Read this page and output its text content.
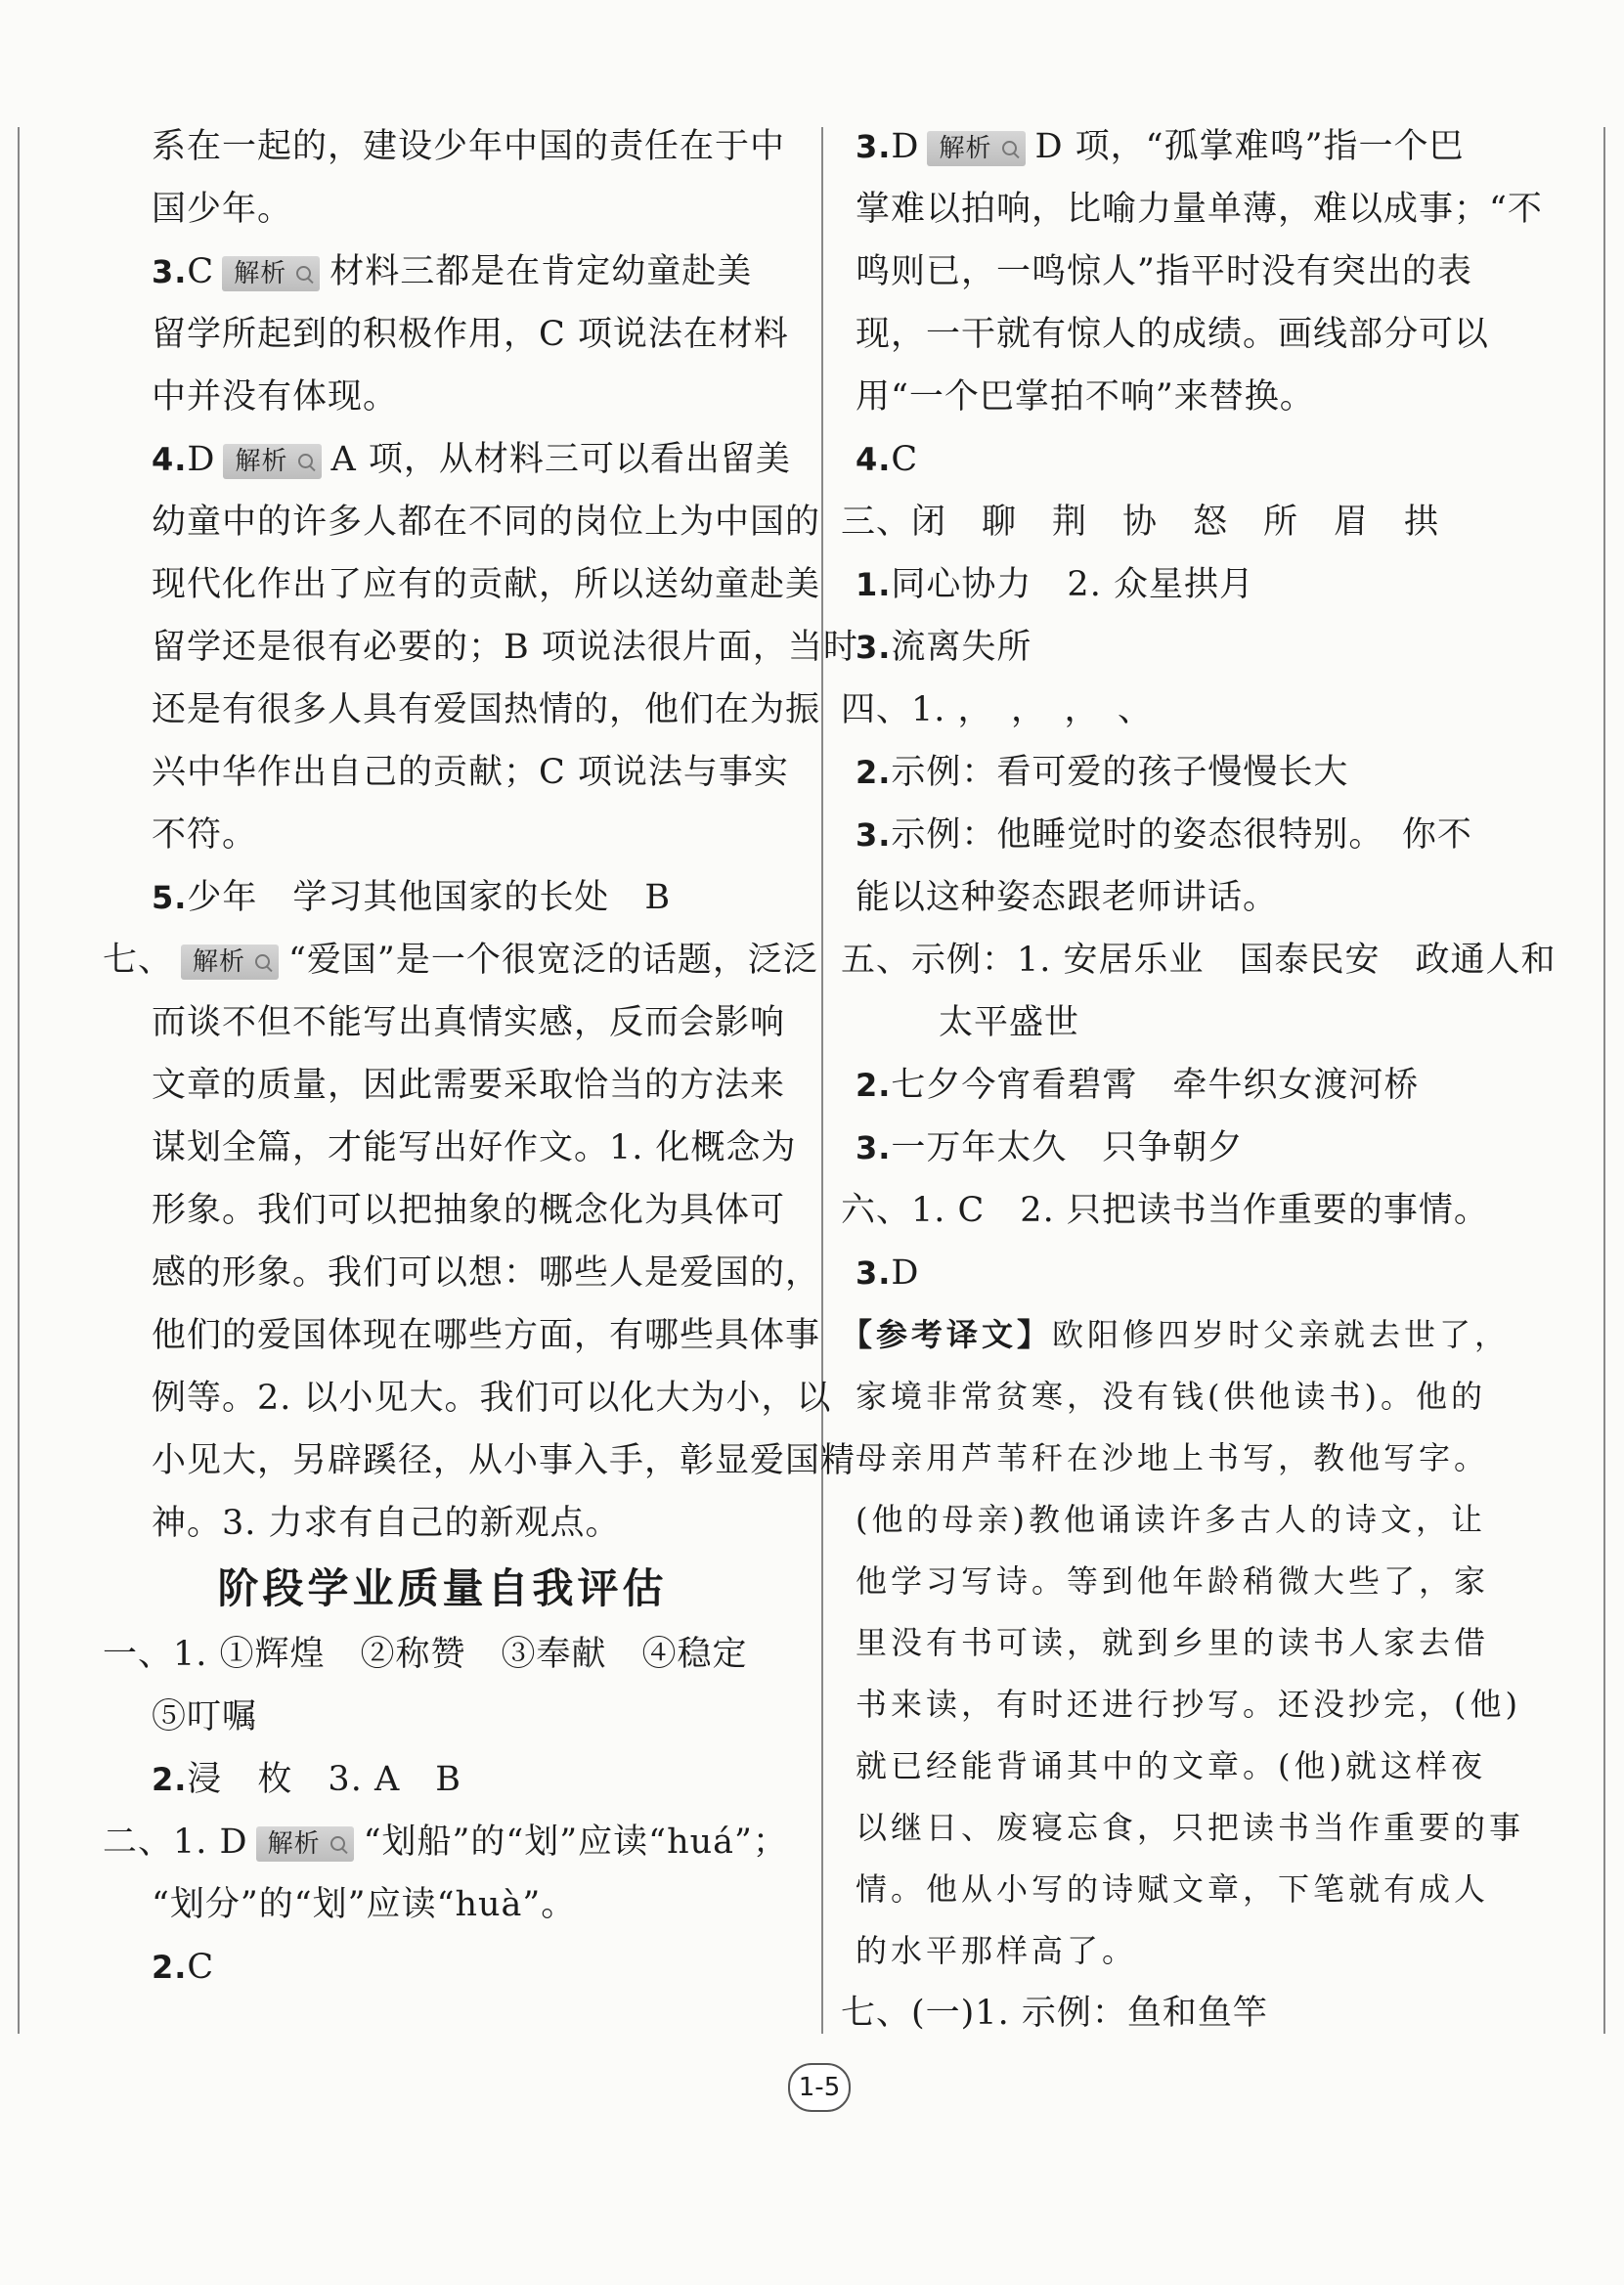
系在一起的，建设少年中国的责任在于中
国少年。
3.C 解析 材料三都是在肯定幼童赴美
留学所起到的积极作用，C 项说法在材料
中并没有体现。
4.D 解析 A 项，从材料三可以看出留美
幼童中的许多人都在不同的岗位上为中国的
现代化作出了应有的贡献，所以送幼童赴美
留学还是很有必要的；B 项说法很片面，当时
还是有很多人具有爱国热情的，他们在为振
兴中华作出自己的贡献；C 项说法与事实
不符。
5.少年　学习其他国家的长处　B
七、 解析 “爱国”是一个很宽泛的话题，泛泛
而谈不但不能写出真情实感，反而会影响
文章的质量，因此需要采取恰当的方法来
谋划全篇，才能写出好作文。1. 化概念为
形象。我们可以把抽象的概念化为具体可
感的形象。我们可以想：哪些人是爱国的，
他们的爱国体现在哪些方面，有哪些具体事
例等。2. 以小见大。我们可以化大为小，以
小见大，另辟蹊径，从小事入手，彰显爱国精
神。3. 力求有自己的新观点。
阶段学业质量自我评估
一、1. ①辉煌　②称赞　③奉献　④稳定
⑤叮嘱
2.浸　枚　3. A　B
二、1. D 解析 “划船”的“划”应读“huá”；
“划分”的“划”应读“huà”。
2.C
3.D 解析 D 项，“孤掌难鸣”指一个巴
掌难以拍响，比喻力量单薄，难以成事；“不
鸣则已，一鸣惊人”指平时没有突出的表
现，一干就有惊人的成绩。画线部分可以
用“一个巴掌拍不响”来替换。
4.C
三、闭　聊　荆　协　怒　所　眉　拱
1.同心协力　2. 众星拱月
3.流离失所
四、1. ，　，　，　、
2.示例：看可爱的孩子慢慢长大
3.示例：他睡觉时的姿态很特别。　你不
能以这种姿态跟老师讲话。
五、示例：1. 安居乐业　国泰民安　政通人和
太平盛世
2.七夕今宵看碧霄　牵牛织女渡河桥
3.一万年太久　只争朝夕
六、1. C　2. 只把读书当作重要的事情。
3.D
【参考译文】欧阳修四岁时父亲就去世了，
家境非常贫寒，没有钱(供他读书)。他的
母亲用芦苇秆在沙地上书写，教他写字。
(他的母亲)教他诵读许多古人的诗文，让
他学习写诗。等到他年龄稍微大些了，家
里没有书可读，就到乡里的读书人家去借
书来读，有时还进行抄写。还没抄完，(他)
就已经能背诵其中的文章。(他)就这样夜
以继日、废寝忘食，只把读书当作重要的事
情。他从小写的诗赋文章，下笔就有成人
的水平那样高了。
七、(一)1. 示例：鱼和鱼竿
1-5
